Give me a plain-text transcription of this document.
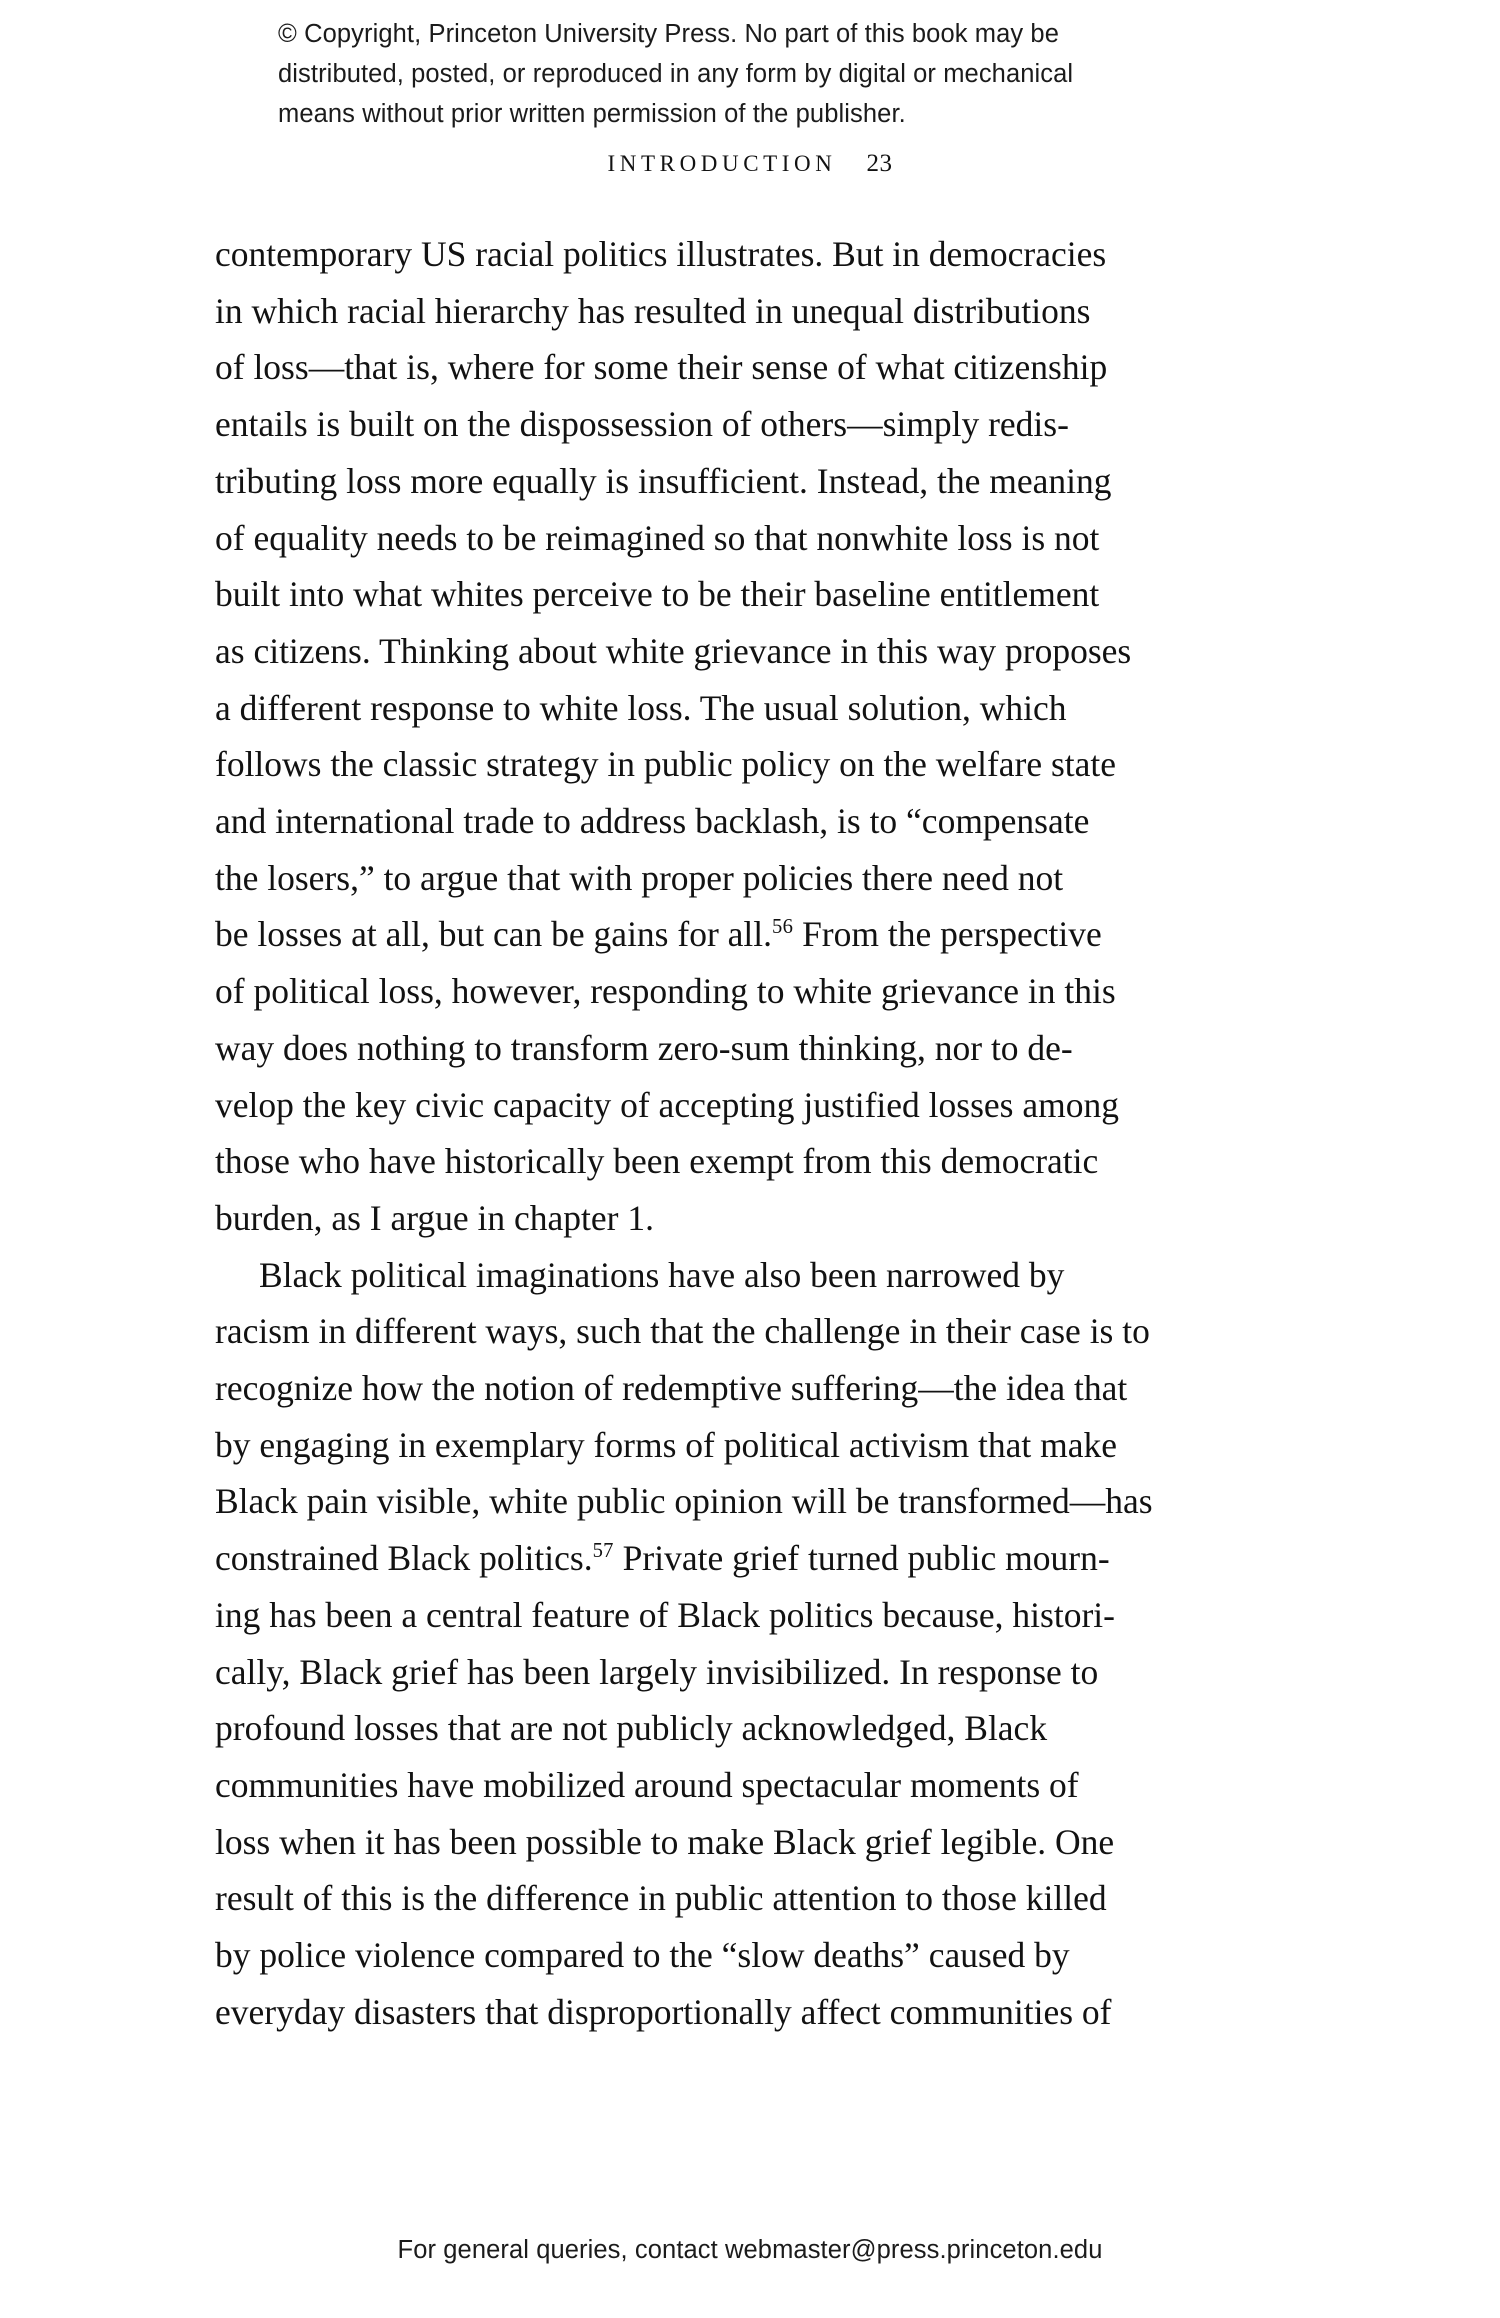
© Copyright, Princeton University Press. No part of this book may be
distributed, posted, or reproduced in any form by digital or mechanical
means without prior written permission of the publisher.
INTRODUCTION 23

contemporary US racial politics illustrates. But in democracies
in which racial hierarchy has resulted in unequal distributions
of loss—that is, where for some their sense of what citizenship
entails is built on the dispossession of others—simply redis-
tributing loss more equally is insufficient. Instead, the meaning
of equality needs to be reimagined so that nonwhite loss is not
built into what whites perceive to be their baseline entitlement
as citizens. Thinking about white grievance in this way proposes
a different response to white loss. The usual solution, which
follows the classic strategy in public policy on the welfare state
and international trade to address backlash, is to “compensate
the losers,” to argue that with proper policies there need not
be losses at all, but can be gains for all.$^{56}$ From the perspective
of political loss, however, responding to white grievance in this
way does nothing to transform zero-sum thinking, nor to de-
velop the key civic capacity of accepting justified losses among
those who have historically been exempt from this democratic
burden, as I argue in chapter 1.

Black political imaginations have also been narrowed by
racism in different ways, such that the challenge in their case is to
recognize how the notion of redemptive suffering—the idea that
by engaging in exemplary forms of political activism that make
Black pain visible, white public opinion will be transformed—has
constrained Black politics.$^{57}$ Private grief turned public mourn-
ing has been a central feature of Black politics because, histori-
cally, Black grief has been largely invisibilized. In response to
profound losses that are not publicly acknowledged, Black
communities have mobilized around spectacular moments of
loss when it has been possible to make Black grief legible. One
result of this is the difference in public attention to those killed
by police violence compared to the “slow deaths” caused by
everyday disasters that disproportionally affect communities of

For general queries, contact webmaster@press.princeton.edu
